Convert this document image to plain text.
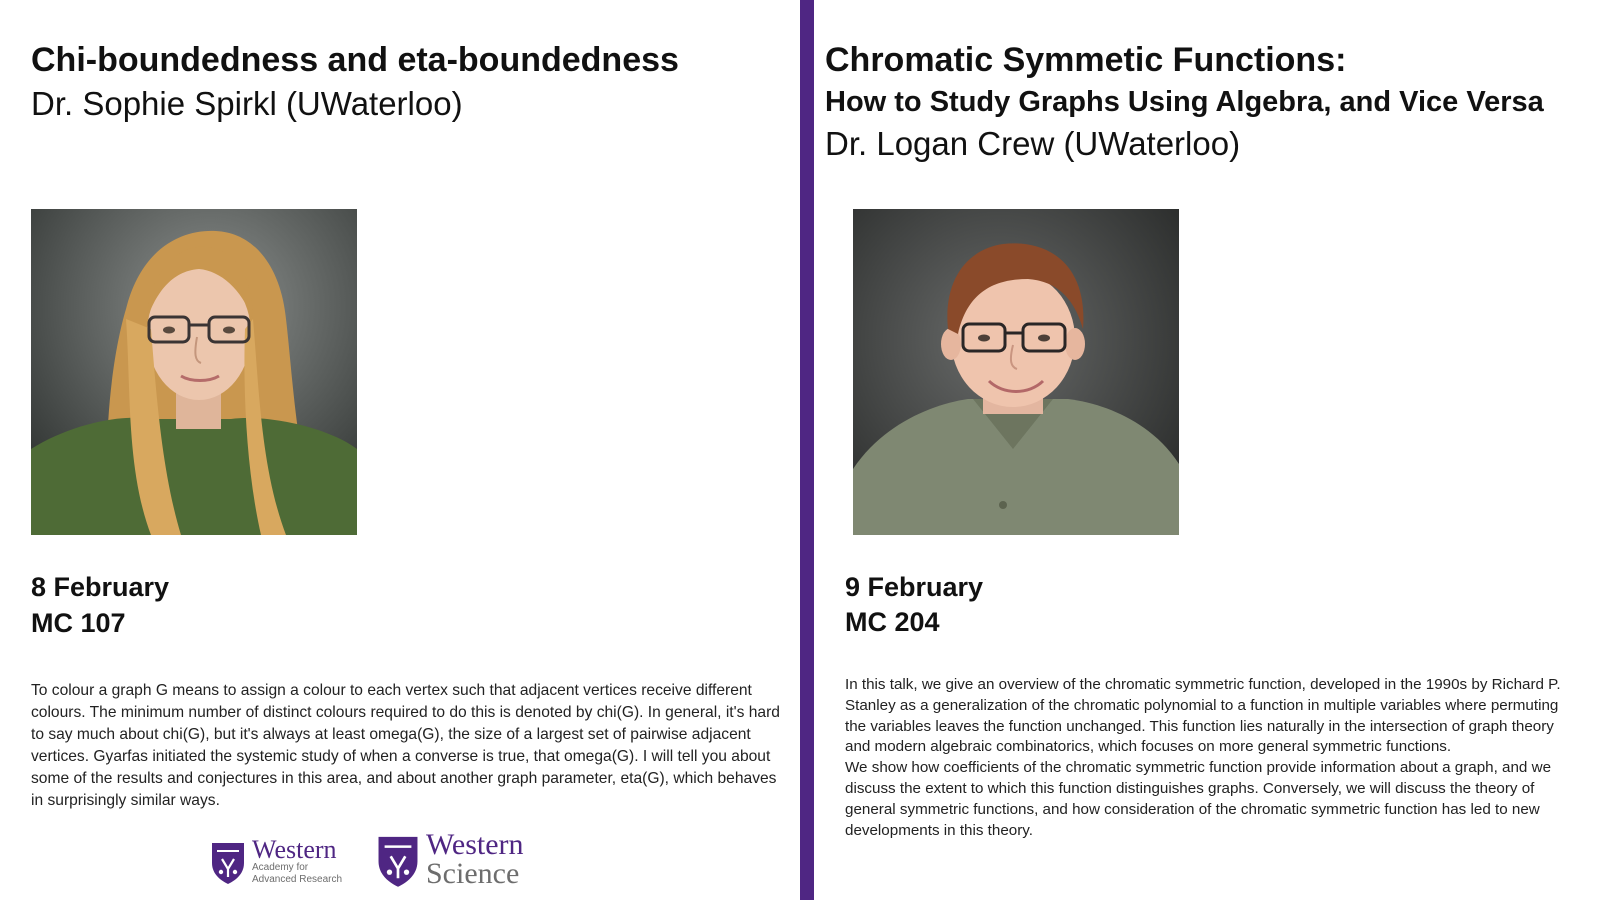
Chi-boundedness and eta-boundedness
Dr. Sophie Spirkl (UWaterloo)
8 February
MC 107

To colour a graph G means to assign a colour to each vertex such that adjacent vertices receive different colours. The minimum number of distinct colours required to do this is denoted by chi(G). In general, it's hard to say much about chi(G), but it's always at least omega(G), the size of a largest set of pairwise adjacent vertices. Gyarfas initiated the systemic study of when a converse is true, that omega(G). I will tell you about some of the results and conjectures in this area, and about another graph parameter, eta(G), which behaves in surprisingly similar ways.

Western
Academy for
Advanced Research
Western
Science
Chromatic Symmetic Functions:
How to Study Graphs Using Algebra, and Vice Versa
Dr. Logan Crew (UWaterloo)
9 February
MC 204

In this talk, we give an overview of the chromatic symmetric function, developed in the 1990s by Richard P. Stanley as a generalization of the chromatic polynomial to a function in multiple variables where permuting the variables leaves the function unchanged. This function lies naturally in the intersection of graph theory and modern algebraic combinatorics, which focuses on more general symmetric functions.

We show how coefficients of the chromatic symmetric function provide information about a graph, and we discuss the extent to which this function distinguishes graphs. Conversely, we will discuss the theory of general symmetric functions, and how consideration of the chromatic symmetric function has led to new developments in this theory.
